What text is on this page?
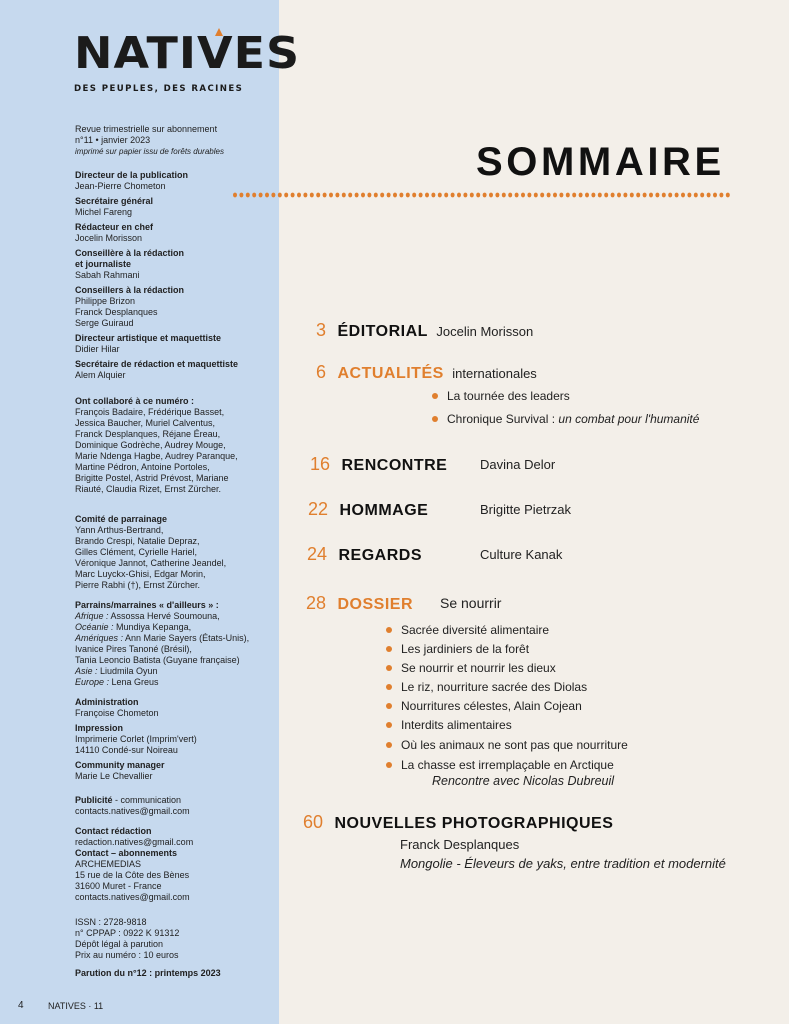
NATIVES
DES PEUPLES, DES RACINES
Revue trimestrielle sur abonnement
n°11 • janvier 2023
imprimé sur papier issu de forêts durables
Directeur de la publication
Jean-Pierre Chometon
Secrétaire général
Michel Fareng
Rédacteur en chef
Jocelin Morisson
Conseillère à la rédaction
et journaliste
Sabah Rahmani
Conseillers à la rédaction
Philippe Brizon
Franck Desplanques
Serge Guiraud
Directeur artistique et maquettiste
Didier Hilar
Secrétaire de rédaction et maquettiste
Alem Alquier
Ont collaboré à ce numéro :
François Badaire, Frédérique Basset,
Jessica Baucher, Muriel Calventus,
Franck Desplanques, Réjane Éreau,
Dominique Godrèche, Audrey Mouge,
Marie Ndenga Hagbe, Audrey Paranque,
Martine Pédron, Antoine Portoles,
Brigitte Postel, Astrid Prévost, Mariane
Riauté, Claudia Rizet, Ernst Zürcher.
Comité de parrainage
Yann Arthus-Bertrand,
Brando Crespi, Natalie Depraz,
Gilles Clément, Cyrielle Hariel,
Véronique Jannot, Catherine Jeandel,
Marc Luyckx-Ghisi, Edgar Morin,
Pierre Rabhi (†), Ernst Zürcher.
Parrains/marraines « d'ailleurs » :
Afrique : Assossa Hervé Soumouna,
Océanie : Mundiya Kepanga,
Amériques : Ann Marie Sayers (États-Unis),
Ivanice Pires Tanoné (Brésil),
Tania Leoncio Batista (Guyane française)
Asie : Liudmila Oyun
Europe : Lena Greus
Administration
Françoise Chometon
Impression
Imprimerie Corlet (Imprim'vert)
14110 Condé-sur Noireau
Community manager
Marie Le Chevallier
Publicité - communication
contacts.natives@gmail.com
Contact rédaction
redaction.natives@gmail.com
Contact – abonnements
ARCHEMEDIAS
15 rue de la Côte des Bènes
31600 Muret - France
contacts.natives@gmail.com
ISSN : 2728-9818
n° CPPAP : 0922 K 91312
Dépôt légal à parution
Prix au numéro : 10 euros
Parution du n°12 : printemps 2023
4	NATIVES · 11
SOMMAIRE
3 ÉDITORIAL Jocelin Morisson
6 ACTUALITÉS internationales
La tournée des leaders
Chronique Survival : un combat pour l'humanité
16 RENCONTRE	Davina Delor
22 HOMMAGE	Brigitte Pietrzak
24 REGARDS	Culture Kanak
28 DOSSIER Se nourrir
Sacrée diversité alimentaire
Les jardiniers de la forêt
Se nourrir et nourrir les dieux
Le riz, nourriture sacrée des Diolas
Nourritures célestes, Alain Cojean
Interdits alimentaires
Où les animaux ne sont pas que nourriture
La chasse est irremplaçable en Arctique
Rencontre avec Nicolas Dubreuil
60 NOUVELLES PHOTOGRAPHIQUES
Franck Desplanques
Mongolie - Éleveurs de yaks, entre tradition et modernité
